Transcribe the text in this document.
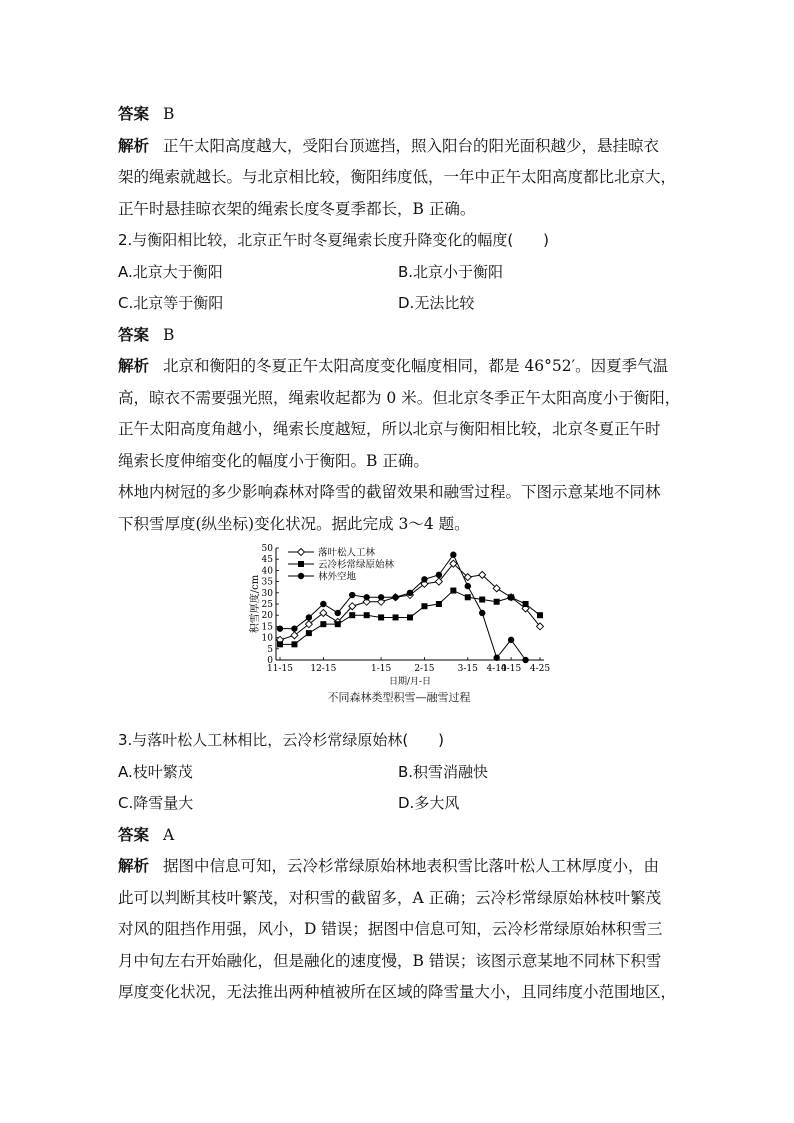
答案 B
解析 正午太阳高度越大，受阳台顶遮挡，照入阳台的阳光面积越少，悬挂晾衣
架的绳索就越长。与北京相比较，衡阳纬度低，一年中正午太阳高度都比北京大，
正午时悬挂晾衣架的绳索长度冬夏季都长，B 正确。
2.与衡阳相比较，北京正午时冬夏绳索长度升降变化的幅度(　　)
A.北京大于衡阳	B.北京小于衡阳
C.北京等于衡阳	D.无法比较
答案 B
解析 北京和衡阳的冬夏正午太阳高度变化幅度相同，都是 46°52′。因夏季气温
高，晾衣不需要强光照，绳索收起都为 0 米。但北京冬季正午太阳高度小于衡阳，
正午太阳高度角越小，绳索长度越短，所以北京与衡阳相比较，北京冬夏正午时
绳索长度伸缩变化的幅度小于衡阳。B 正确。
林地内树冠的多少影响森林对降雪的截留效果和融雪过程。下图示意某地不同林
下积雪厚度(纵坐标)变化状况。据此完成 3～4 题。
0
5
10
15
20
25
30
35
40
45
50
积雪厚度/cm
11-15 12-15	1-15	2-15	3-15 4-10
4-15 4-25
日期/月-日
落叶松人工林
云冷杉常绿原始林
林外空地
不同森林类型积雪—融雪过程
3.与落叶松人工林相比，云冷杉常绿原始林(　　)
A.枝叶繁茂	B.积雪消融快
C.降雪量大	D.多大风
答案 A
解析 据图中信息可知，云冷杉常绿原始林地表积雪比落叶松人工林厚度小，由
此可以判断其枝叶繁茂，对积雪的截留多，A 正确；云冷杉常绿原始林枝叶繁茂
对风的阻挡作用强，风小，D 错误；据图中信息可知，云冷杉常绿原始林积雪三
月中旬左右开始融化，但是融化的速度慢，B 错误；该图示意某地不同林下积雪
厚度变化状况，无法推出两种植被所在区域的降雪量大小，且同纬度小范围地区，
